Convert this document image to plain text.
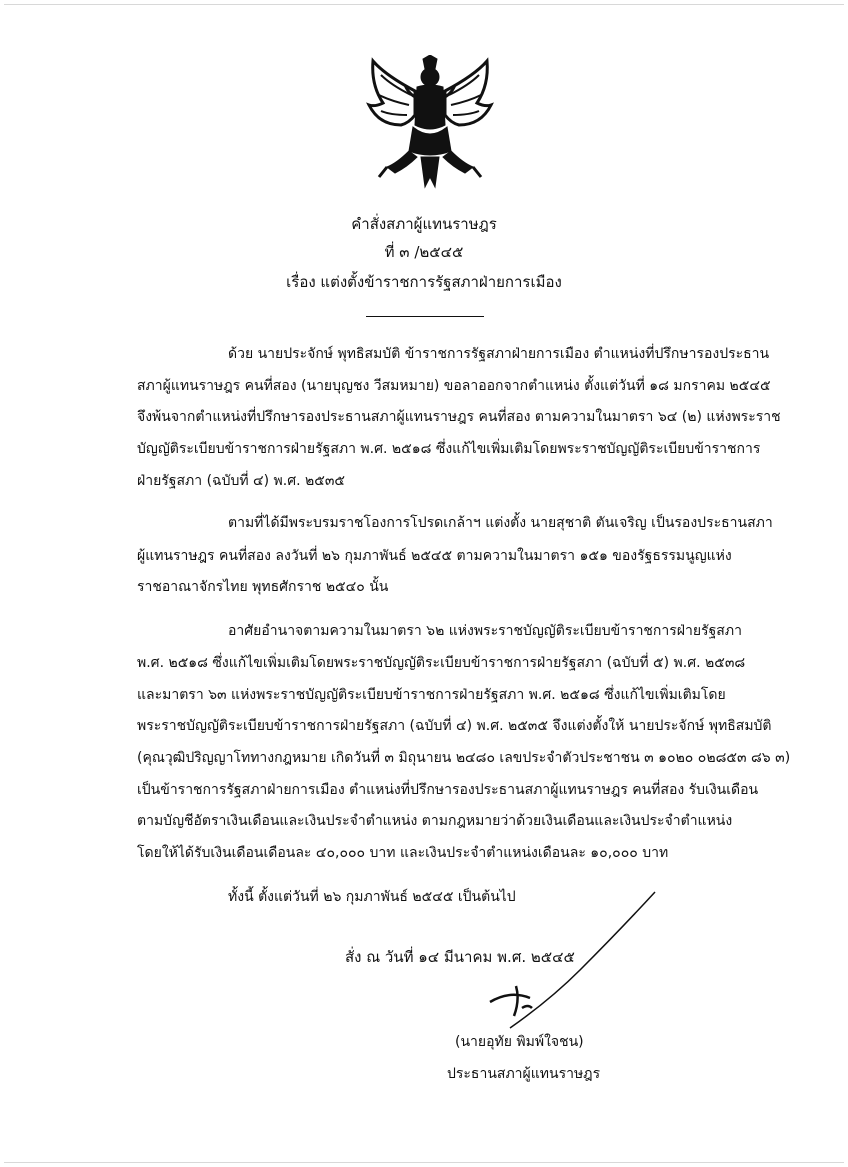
คำสั่งสภาผู้แทนราษฎร
ที่ ๓ /๒๕๔๕
เรื่อง แต่งตั้งข้าราชการรัฐสภาฝ่ายการเมือง
ด้วย นายประจักษ์ พุทธิสมบัติ ข้าราชการรัฐสภาฝ่ายการเมือง ตำแหน่งที่ปรึกษารองประธาน
สภาผู้แทนราษฎร คนที่สอง (นายบุญชง วีสมหมาย) ขอลาออกจากตำแหน่ง ตั้งแต่วันที่ ๑๘ มกราคม ๒๕๔๕
จึงพ้นจากตำแหน่งที่ปรึกษารองประธานสภาผู้แทนราษฎร คนที่สอง ตามความในมาตรา ๖๔ (๒) แห่งพระราช
บัญญัติระเบียบข้าราชการฝ่ายรัฐสภา พ.ศ. ๒๕๑๘ ซึ่งแก้ไขเพิ่มเติมโดยพระราชบัญญัติระเบียบข้าราชการ
ฝ่ายรัฐสภา (ฉบับที่ ๔) พ.ศ. ๒๕๓๕
ตามที่ได้มีพระบรมราชโองการโปรดเกล้าฯ แต่งตั้ง นายสุชาติ ตันเจริญ เป็นรองประธานสภา
ผู้แทนราษฎร คนที่สอง ลงวันที่ ๒๖ กุมภาพันธ์ ๒๕๔๕ ตามความในมาตรา ๑๕๑ ของรัฐธรรมนูญแห่ง
ราชอาณาจักรไทย พุทธศักราช ๒๕๔๐ นั้น
อาศัยอำนาจตามความในมาตรา ๖๒ แห่งพระราชบัญญัติระเบียบข้าราชการฝ่ายรัฐสภา
พ.ศ. ๒๕๑๘ ซึ่งแก้ไขเพิ่มเติมโดยพระราชบัญญัติระเบียบข้าราชการฝ่ายรัฐสภา (ฉบับที่ ๕) พ.ศ. ๒๕๓๘
และมาตรา ๖๓ แห่งพระราชบัญญัติระเบียบข้าราชการฝ่ายรัฐสภา พ.ศ. ๒๕๑๘ ซึ่งแก้ไขเพิ่มเติมโดย
พระราชบัญญัติระเบียบข้าราชการฝ่ายรัฐสภา (ฉบับที่ ๔) พ.ศ. ๒๕๓๕ จึงแต่งตั้งให้ นายประจักษ์ พุทธิสมบัติ
(คุณวุฒิปริญญาโททางกฎหมาย เกิดวันที่ ๓ มิถุนายน ๒๔๘๐ เลขประจำตัวประชาชน ๓ ๑๐๒๐ ๐๒๘๕๓ ๘๖ ๓)
เป็นข้าราชการรัฐสภาฝ่ายการเมือง ตำแหน่งที่ปรึกษารองประธานสภาผู้แทนราษฎร คนที่สอง รับเงินเดือน
ตามบัญชีอัตราเงินเดือนและเงินประจำตำแหน่ง ตามกฎหมายว่าด้วยเงินเดือนและเงินประจำตำแหน่ง
โดยให้ได้รับเงินเดือนเดือนละ ๔๐,๐๐๐ บาท และเงินประจำตำแหน่งเดือนละ ๑๐,๐๐๐ บาท
ทั้งนี้ ตั้งแต่วันที่ ๒๖ กุมภาพันธ์ ๒๕๔๕ เป็นต้นไป
สั่ง ณ วันที่ ๑๔ มีนาคม พ.ศ. ๒๕๔๕
(นายอุทัย พิมพ์ใจชน)
ประธานสภาผู้แทนราษฎร
